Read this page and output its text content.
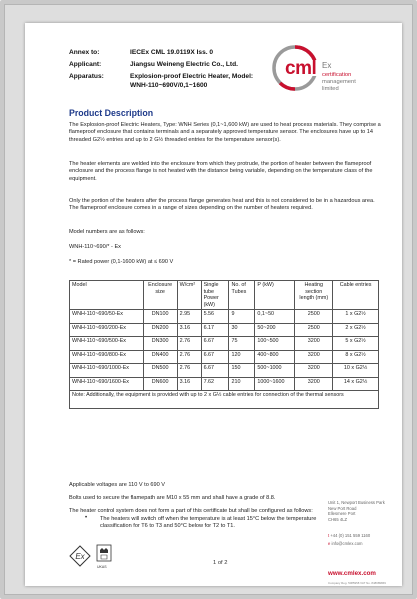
Annex to:	IECEx CML 19.0119X Iss. 0
Applicant:	Jiangsu Weineng Electric Co., Ltd.
Apparatus:	Explosion-proof Electric Heater, Model:
WNH-110~690V/0,1~1600
cml Ex
certification
management
limited
Product Description

The Explosion-proof Electric Heaters, Type: WNH Series (0,1~1,600 kW) are used to heat process materials. They comprise a flameproof enclosure that contains terminals and a separately approved temperature sensor. The enclosures have up to 14 threaded G2½ entries and up to 2 G½ threaded entries for the temperature sensor(s).

The heater elements are welded into the enclosure from which they protrude, the portion of heater between the flameproof enclosure and the process flange is not heated with the distance being variable, depending on the temperature class of the equipment.

Only the portion of the heaters after the process flange generates heat and this is not considered to be in a hazardous area. The flameproof enclosure comes in a range of sizes depending on the number of heaters required.

Model numbers are as follows:

WNH-110~690/* - Ex

* = Rated power (0,1-1600 kW) at ≤ 690 V

Model	Enclosure size	W/cm²	Single tube Power (kW)	No. of Tubes	P (kW)	Heating section length (mm)	Cable entries
WNH-110~690/50-Ex	DN100	2.95	5.56	9	0,1~50	2500	1 x G2½
WNH-110~690/200-Ex	DN200	3.16	6.17	30	50~200	2500	2 x G2½
WNH-110~690/500-Ex	DN300	2.76	6.67	75	100~500	3200	5 x G2½
WNH-110~690/800-Ex	DN400	2.76	6.67	120	400~800	3200	8 x G2½
WNH-110~690/1000-Ex	DN500	2.76	6.67	150	500~1000	3200	10 x G2½
WNH-110~690/1600-Ex	DN600	3.16	7.62	210	1000~1600	3200	14 x G2½
Note: Additionally, the equipment is provided with up to 2 x G½ cable entries for connection of the thermal sensors							

Applicable voltages are 110 V to 690 V

Bolts used to secure the flamepath are M10 x 55 mm and shall have a grade of 8.8.

The heater control system does not form a part of this certificate but shall be configured as follows:

• The heaters will switch off when the temperature is at least 15°C below the temperature classification for T6 to T3 and 50°C below for T2 to T1.

Ex
UKAS
1 of 2
Unit 1, Newport Business Park
New Port Road
Ellesmere Port
CH65 4LZ
t +44 (0) 151 559 1160
e info@cmlex.com
www.cmlex.com
Company Reg. 5085958 VAT No. 848689869
